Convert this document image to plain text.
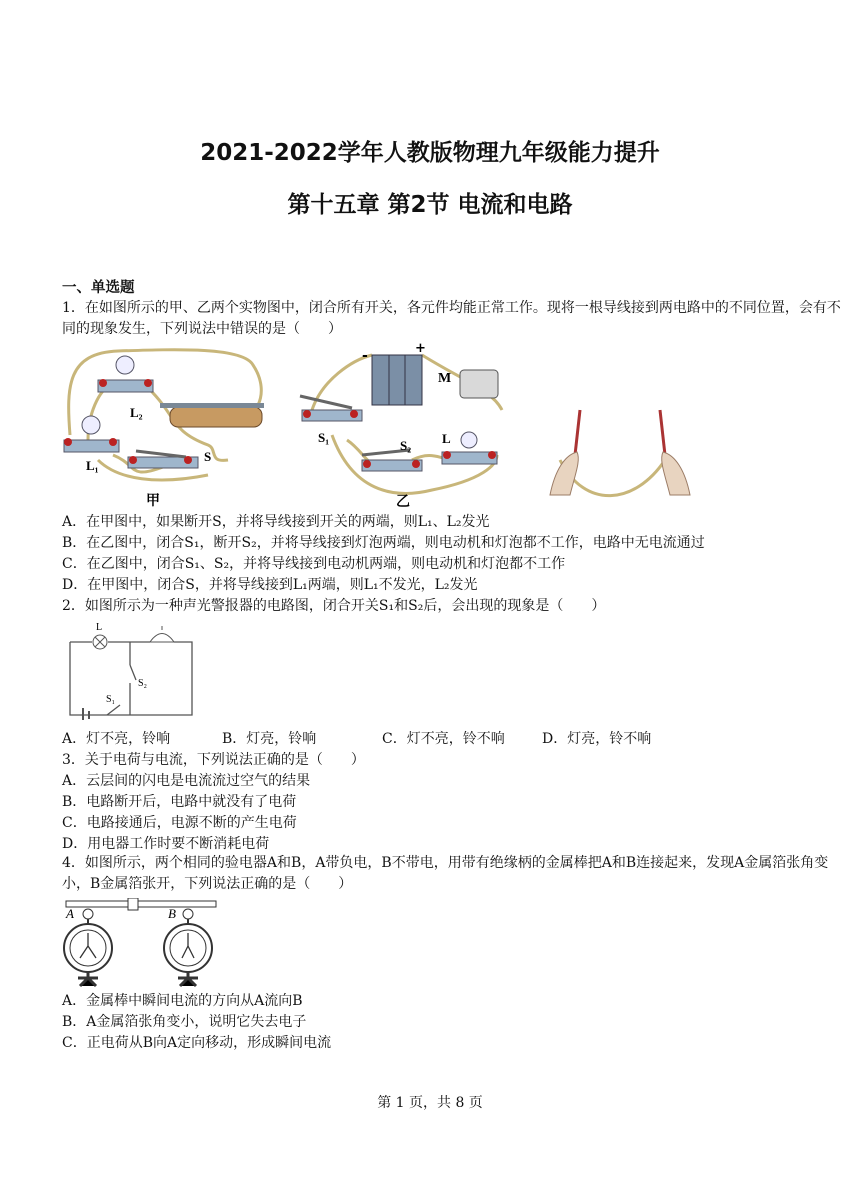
2021-2022学年人教版物理九年级能力提升
第十五章 第2节 电流和电路
一、单选题
1．在如图所示的甲、乙两个实物图中，闭合所有开关，各元件均能正常工作。现将一根导线接到两电路中的不同位置，会有不同的现象发生，下列说法中错误的是（　　）
L₂
L₁
S
甲
-	+
M
S₁
S₂ L
乙
A．在甲图中，如果断开S，并将导线接到开关的两端，则L₁、L₂发光
B．在乙图中，闭合S₁，断开S₂，并将导线接到灯泡两端，则电动机和灯泡都不工作，电路中无电流通过
C．在乙图中，闭合S₁、S₂，并将导线接到电动机两端，则电动机和灯泡都不工作
D．在甲图中，闭合S，并将导线接到L₁两端，则L₁不发光，L₂发光
2．如图所示为一种声光警报器的电路图，闭合开关S₁和S₂后，会出现的现象是（　　）
L
S₂
S₁
A．灯不亮，铃响	B．灯亮，铃响	C．灯不亮，铃不响	D．灯亮，铃不响
3．关于电荷与电流，下列说法正确的是（　　）
A．云层间的闪电是电流流过空气的结果
B．电路断开后，电路中就没有了电荷
C．电路接通后，电源不断的产生电荷
D．用电器工作时要不断消耗电荷
4．如图所示，两个相同的验电器A和B，A带负电，B不带电，用带有绝缘柄的金属棒把A和B连接起来，发现A金属箔张角变小，B金属箔张开，下列说法正确的是（　　）
A	B
A．金属棒中瞬间电流的方向从A流向B
B．A金属箔张角变小，说明它失去电子
C．正电荷从B向A定向移动，形成瞬间电流
第 1 页，共 8 页
